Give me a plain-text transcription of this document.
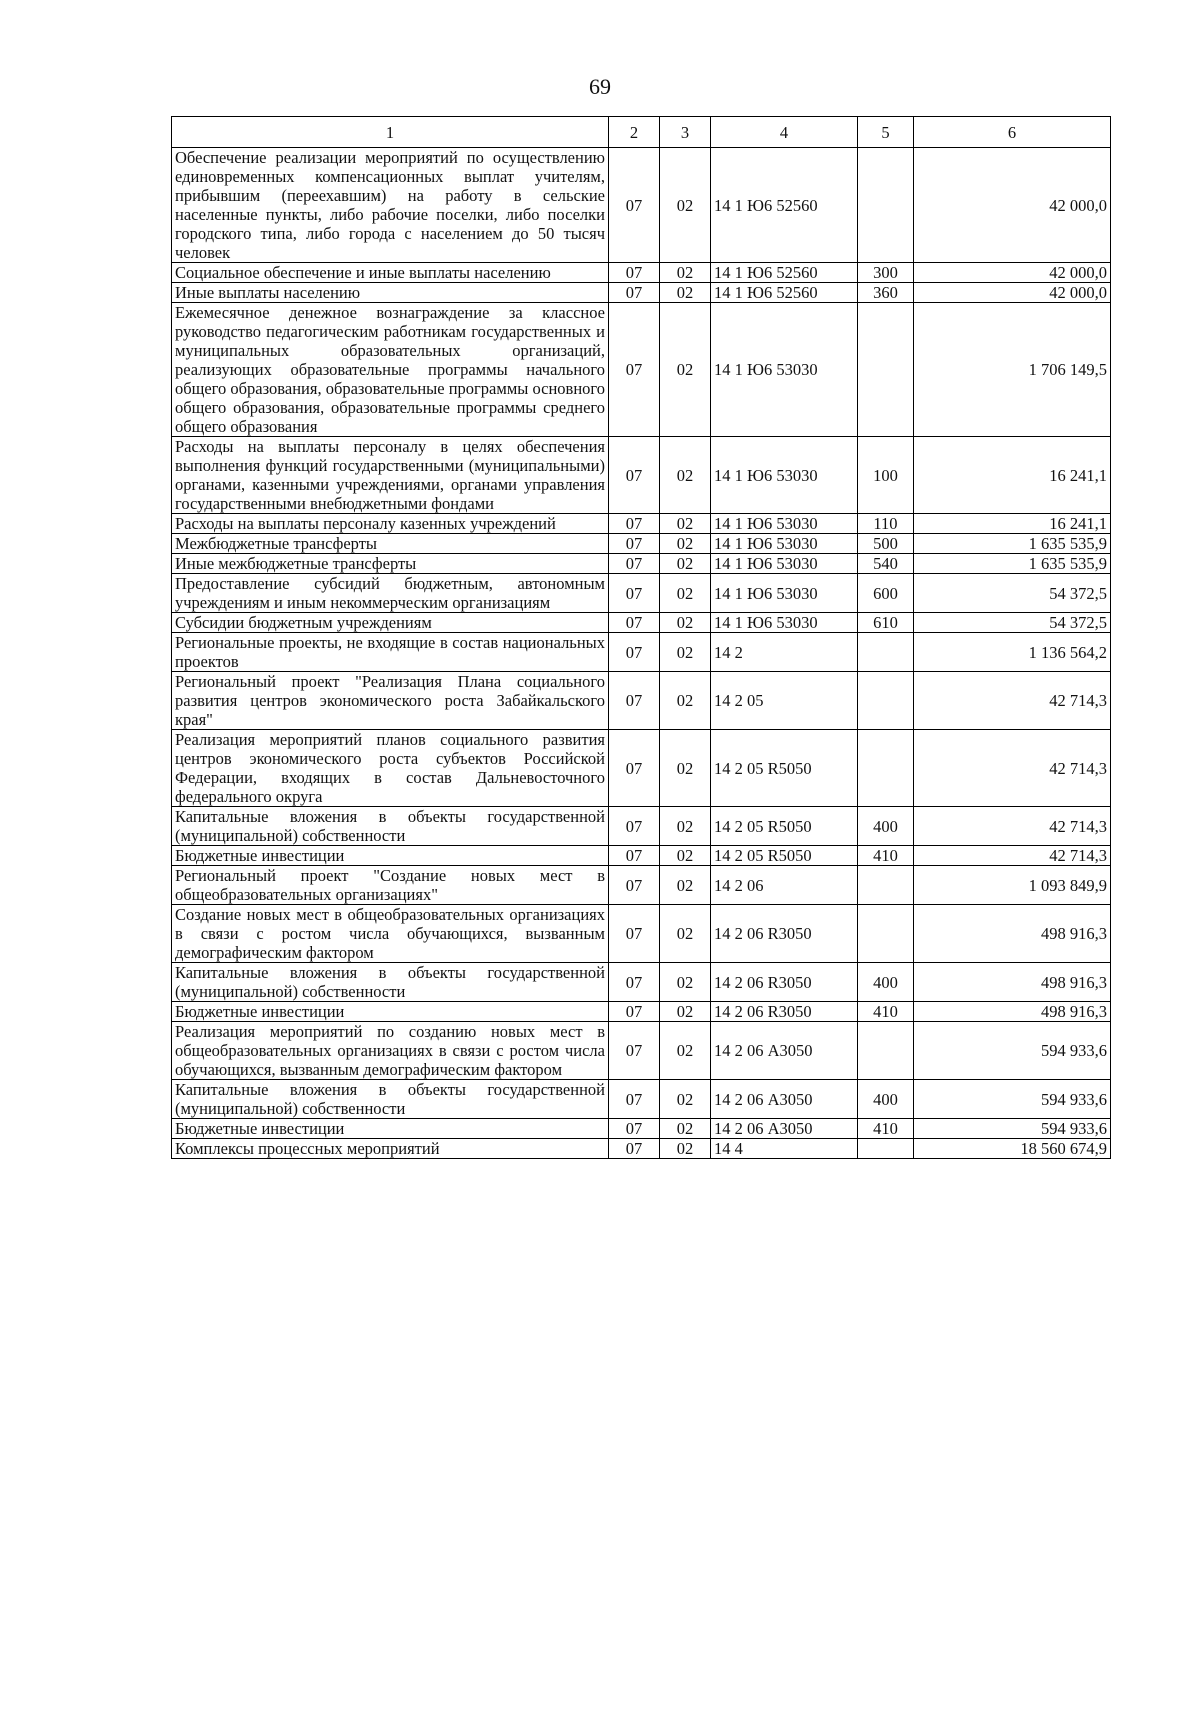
69
1	2	3	4	5	6
Обеспечение реализации мероприятий по осуществлению единовременных компенсационных выплат учителям, прибывшим (переехавшим) на работу в сельские населенные пункты, либо рабочие поселки, либо поселки городского типа, либо города с населением до 50 тысяч человек	07	02	14 1 Ю6 52560		42 000,0
Социальное обеспечение и иные выплаты населению	07	02	14 1 Ю6 52560	300	42 000,0
Иные выплаты населению	07	02	14 1 Ю6 52560	360	42 000,0
Ежемесячное денежное вознаграждение за классное руководство педагогическим работникам государственных и муниципальных образовательных организаций, реализующих образовательные программы начального общего образования, образовательные программы основного общего образования, образовательные программы среднего общего образования	07	02	14 1 Ю6 53030		1 706 149,5
Расходы на выплаты персоналу в целях обеспечения выполнения функций государственными (муниципальными) органами, казенными учреждениями, органами управления государственными внебюджетными фондами	07	02	14 1 Ю6 53030	100	16 241,1
Расходы на выплаты персоналу казенных учреждений	07	02	14 1 Ю6 53030	110	16 241,1
Межбюджетные трансферты	07	02	14 1 Ю6 53030	500	1 635 535,9
Иные межбюджетные трансферты	07	02	14 1 Ю6 53030	540	1 635 535,9
Предоставление субсидий бюджетным, автономным учреждениям и иным некоммерческим организациям	07	02	14 1 Ю6 53030	600	54 372,5
Субсидии бюджетным учреждениям	07	02	14 1 Ю6 53030	610	54 372,5
Региональные проекты, не входящие в состав национальных проектов	07	02	14 2		1 136 564,2
Региональный проект "Реализация Плана социального развития центров экономического роста Забайкальского края"	07	02	14 2 05		42 714,3
Реализация мероприятий планов социального развития центров экономического роста субъектов Российской Федерации, входящих в состав Дальневосточного федерального округа	07	02	14 2 05 R5050		42 714,3
Капитальные вложения в объекты государственной (муниципальной) собственности	07	02	14 2 05 R5050	400	42 714,3
Бюджетные инвестиции	07	02	14 2 05 R5050	410	42 714,3
Региональный проект "Создание новых мест в общеобразовательных организациях"	07	02	14 2 06		1 093 849,9
Создание новых мест в общеобразовательных организациях в связи с ростом числа обучающихся, вызванным демографическим фактором	07	02	14 2 06 R3050		498 916,3
Капитальные вложения в объекты государственной (муниципальной) собственности	07	02	14 2 06 R3050	400	498 916,3
Бюджетные инвестиции	07	02	14 2 06 R3050	410	498 916,3
Реализация мероприятий по созданию новых мест в общеобразовательных организациях в связи с ростом числа обучающихся, вызванным демографическим фактором	07	02	14 2 06 А3050		594 933,6
Капитальные вложения в объекты государственной (муниципальной) собственности	07	02	14 2 06 А3050	400	594 933,6
Бюджетные инвестиции	07	02	14 2 06 А3050	410	594 933,6
Комплексы процессных мероприятий	07	02	14 4		18 560 674,9
